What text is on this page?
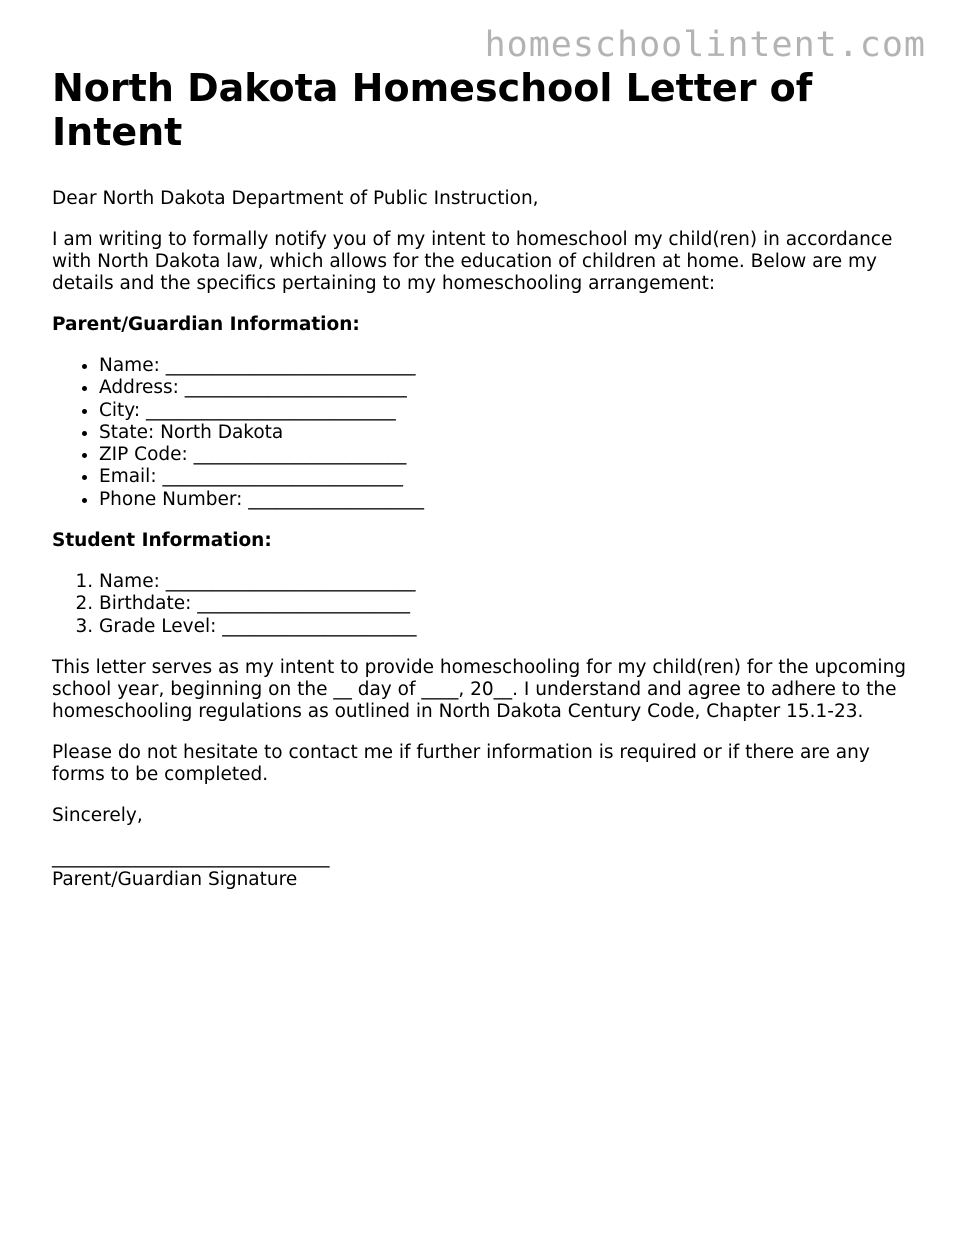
homeschoolintent.com
North Dakota Homeschool Letter of Intent

Dear North Dakota Department of Public Instruction,

I am writing to formally notify you of my intent to homeschool my child(ren) in accordance with North Dakota law, which allows for the education of children at home. Below are my details and the specifics pertaining to my homeschooling arrangement:

Parent/Guardian Information:
• Name: ___________________________
• Address: ________________________
• City: ___________________________
• State: North Dakota
• ZIP Code: _______________________
• Email: __________________________
• Phone Number: ___________________
Student Information:
1. Name: ___________________________
2. Birthdate: _______________________
3. Grade Level: _____________________

This letter serves as my intent to provide homeschooling for my child(ren) for the upcoming school year, beginning on the __ day of ____, 20__. I understand and agree to adhere to the homeschooling regulations as outlined in North Dakota Century Code, Chapter 15.1-23.

Please do not hesitate to contact me if further information is required or if there are any forms to be completed.

Sincerely,

______________________________
Parent/Guardian Signature
